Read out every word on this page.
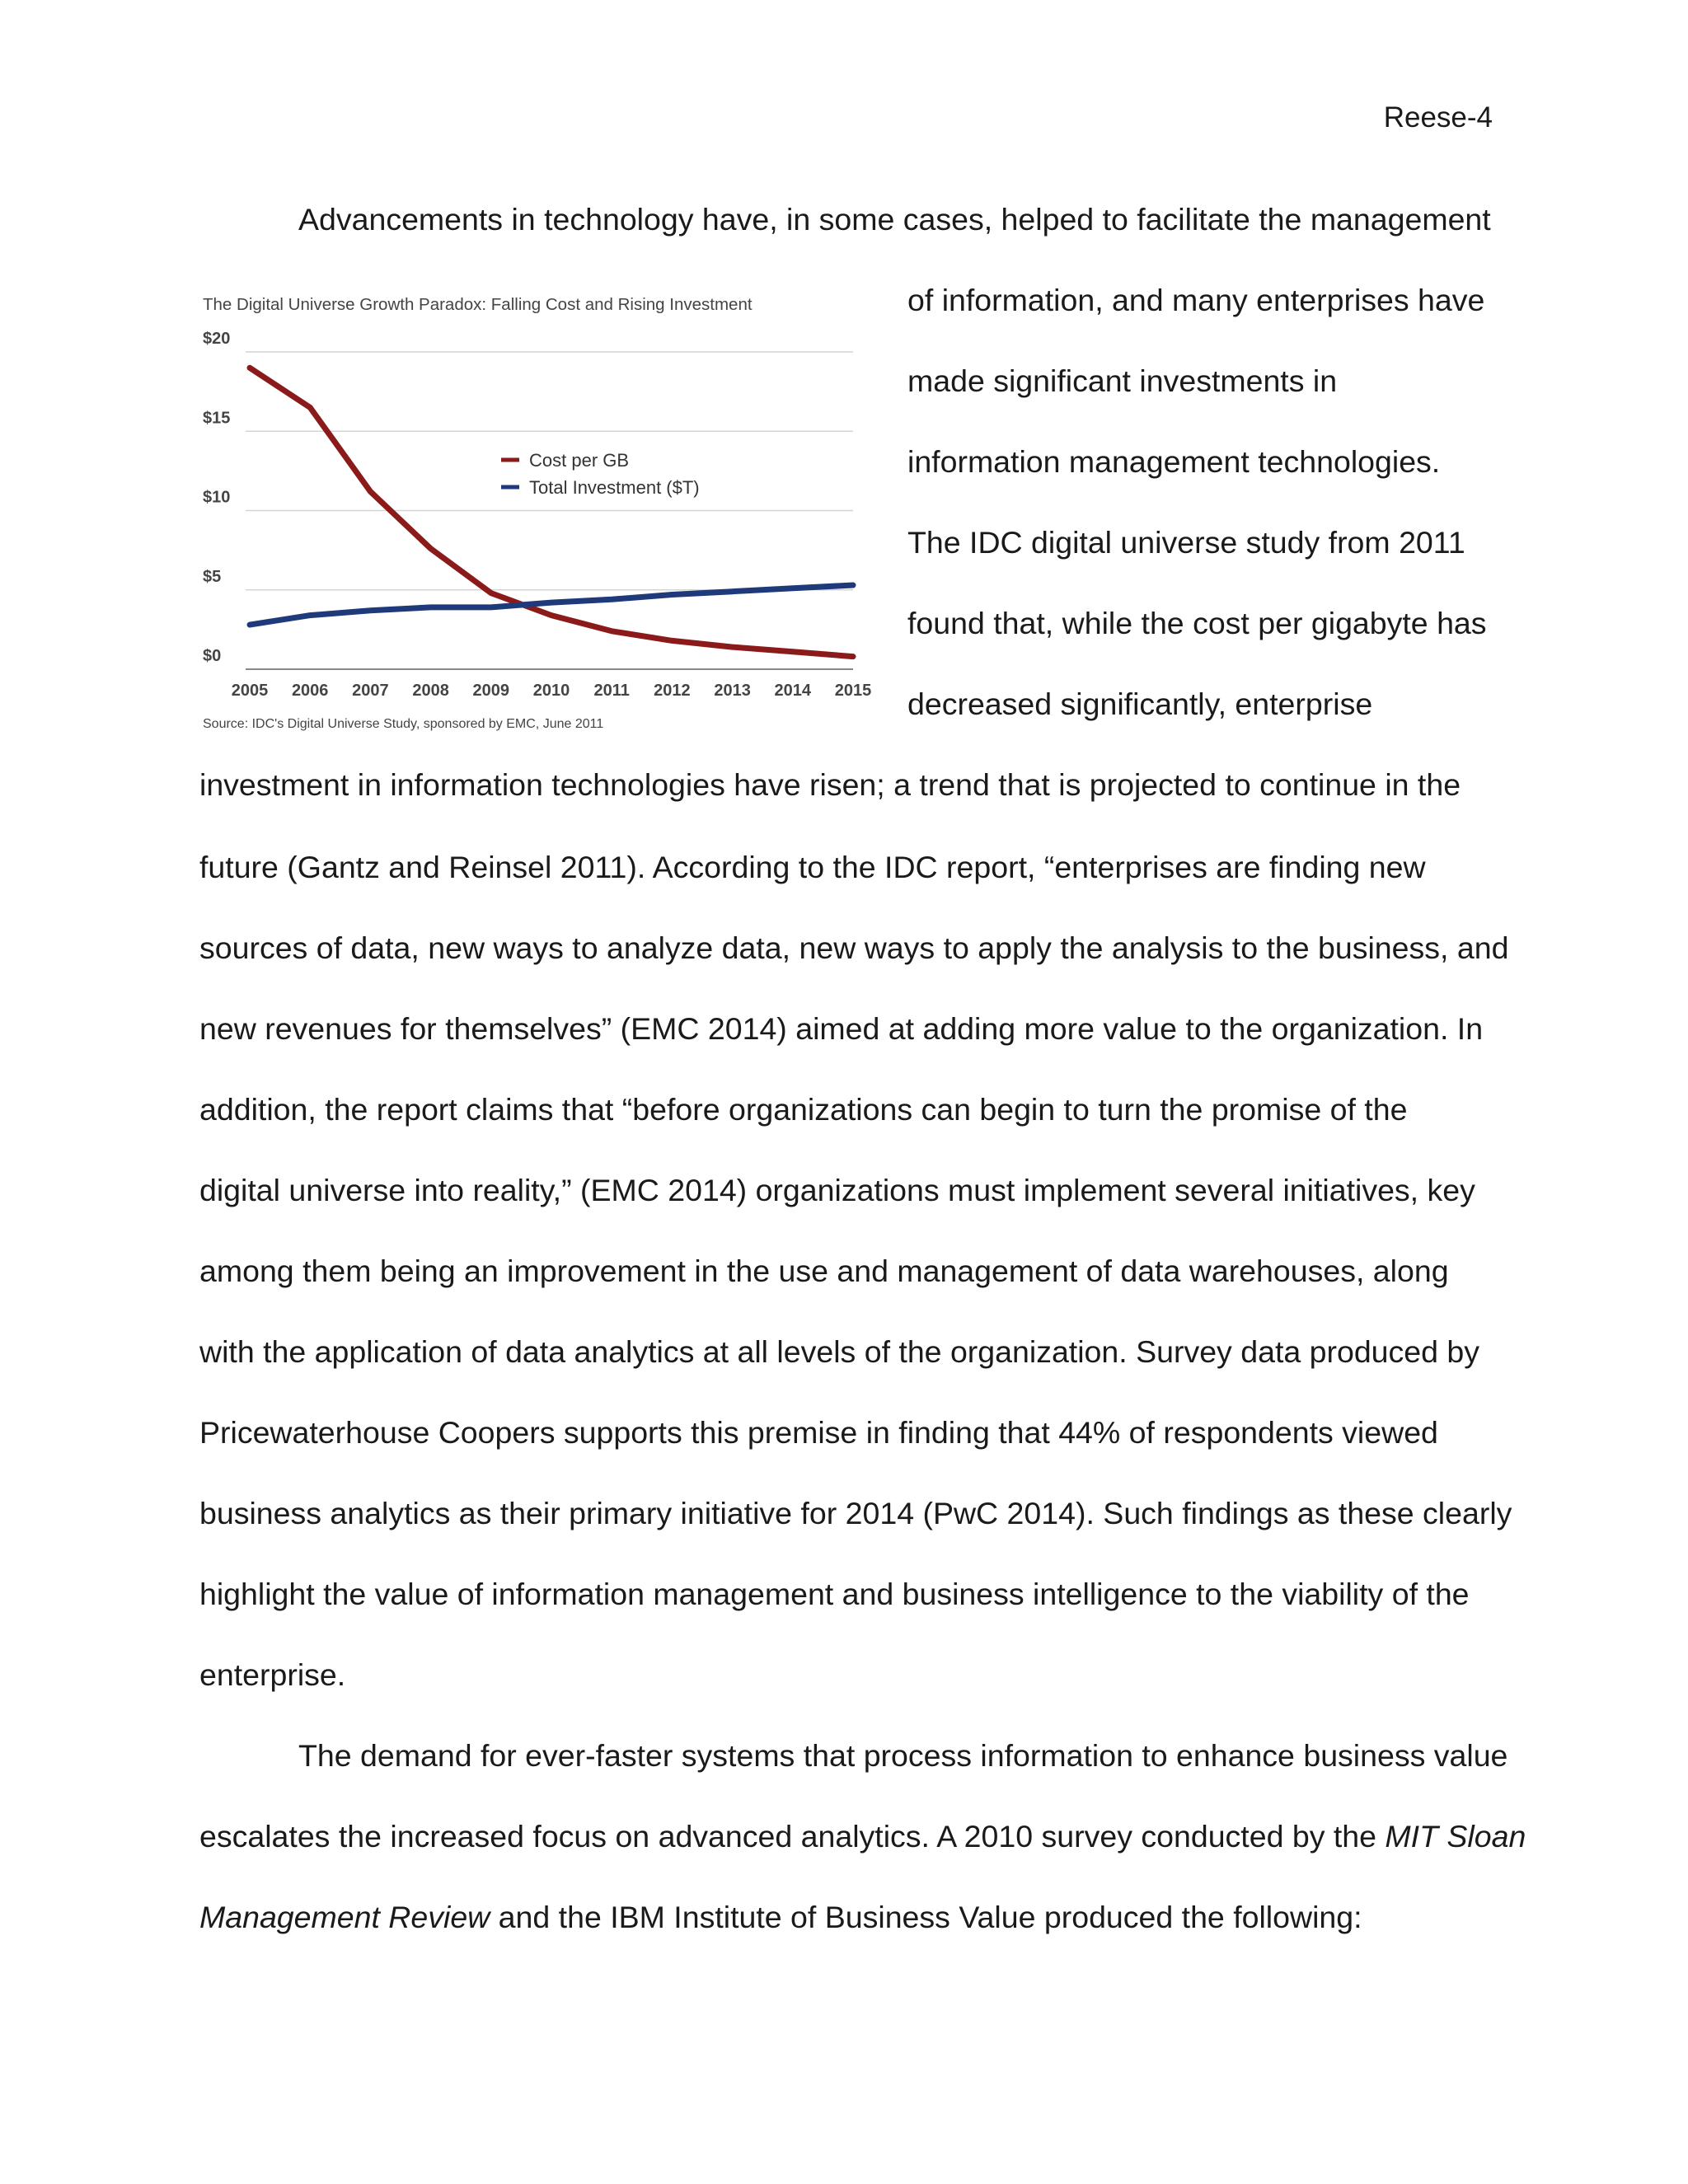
Reese-4
Advancements in technology have, in some cases, helped to facilitate the management
The Digital Universe Growth Paradox: Falling Cost and Rising Investment
$0
$5
$10
$15
$20
2005 2006 2007 2008 2009 2010 2011 2012 2013 2014 2015
Cost per GB
Total Investment ($T)
Source: IDC's Digital Universe Study, sponsored by EMC, June 2011
of information, and many enterprises have
made significant investments in
information management technologies.
The IDC digital universe study from 2011
found that, while the cost per gigabyte has
decreased significantly, enterprise
investment in information technologies have risen; a trend that is projected to continue in the
future (Gantz and Reinsel 2011). According to the IDC report, “enterprises are finding new
sources of data, new ways to analyze data, new ways to apply the analysis to the business, and
new revenues for themselves” (EMC 2014) aimed at adding more value to the organization. In
addition, the report claims that “before organizations can begin to turn the promise of the
digital universe into reality,” (EMC 2014) organizations must implement several initiatives, key
among them being an improvement in the use and management of data warehouses, along
with the application of data analytics at all levels of the organization. Survey data produced by
Pricewaterhouse Coopers supports this premise in finding that 44% of respondents viewed
business analytics as their primary initiative for 2014 (PwC 2014). Such findings as these clearly
highlight the value of information management and business intelligence to the viability of the
enterprise.
The demand for ever-faster systems that process information to enhance business value
escalates the increased focus on advanced analytics. A 2010 survey conducted by the MIT Sloan
Management Review and the IBM Institute of Business Value produced the following:
